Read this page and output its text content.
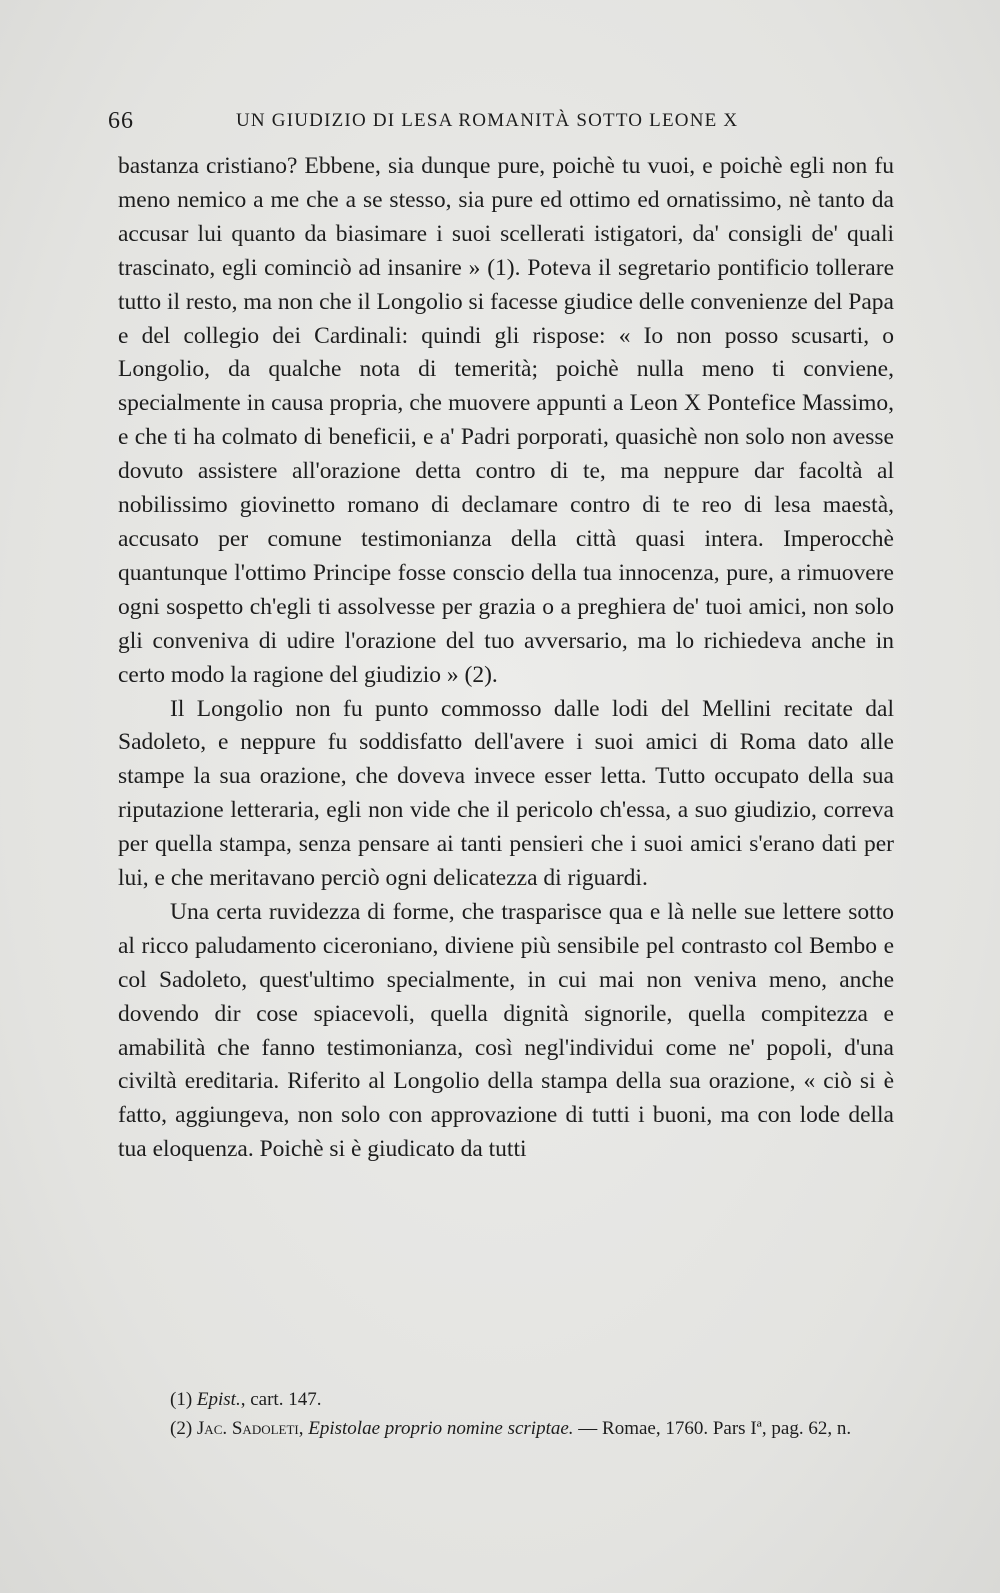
66	UN GIUDIZIO DI LESA ROMANITÀ SOTTO LEONE X

bastanza cristiano? Ebbene, sia dunque pure, poichè tu vuoi, e poichè egli non fu meno nemico a me che a se stesso, sia pure ed ottimo ed ornatissimo, nè tanto da accusar lui quanto da biasimare i suoi scellerati istigatori, da' consigli de' quali trascinato, egli cominciò ad insanire » (1). Poteva il segretario pontificio tollerare tutto il resto, ma non che il Longolio si facesse giudice delle convenienze del Papa e del collegio dei Cardinali: quindi gli rispose: « Io non posso scusarti, o Longolio, da qualche nota di temerità; poichè nulla meno ti conviene, specialmente in causa propria, che muovere appunti a Leon X Pontefice Massimo, e che ti ha colmato di beneficii, e a' Padri porporati, quasichè non solo non avesse dovuto assistere all'orazione detta contro di te, ma neppure dar facoltà al nobilissimo giovinetto romano di declamare contro di te reo di lesa maestà, accusato per comune testimonianza della città quasi intera. Imperocchè quantunque l'ottimo Principe fosse conscio della tua innocenza, pure, a rimuovere ogni sospetto ch'egli ti assolvesse per grazia o a preghiera de' tuoi amici, non solo gli conveniva di udire l'orazione del tuo avversario, ma lo richiedeva anche in certo modo la ragione del giudizio » (2).

Il Longolio non fu punto commosso dalle lodi del Mellini recitate dal Sadoleto, e neppure fu soddisfatto dell'avere i suoi amici di Roma dato alle stampe la sua orazione, che doveva invece esser letta. Tutto occupato della sua riputazione letteraria, egli non vide che il pericolo ch'essa, a suo giudizio, correva per quella stampa, senza pensare ai tanti pensieri che i suoi amici s'erano dati per lui, e che meritavano perciò ogni delicatezza di riguardi.

Una certa ruvidezza di forme, che trasparisce qua e là nelle sue lettere sotto al ricco paludamento ciceroniano, diviene più sensibile pel contrasto col Bembo e col Sadoleto, quest'ultimo specialmente, in cui mai non veniva meno, anche dovendo dir cose spiacevoli, quella dignità signorile, quella compitezza e amabilità che fanno testimonianza, così negl'individui come ne' popoli, d'una civiltà ereditaria. Riferito al Longolio della stampa della sua orazione, « ciò si è fatto, aggiungeva, non solo con approvazione di tutti i buoni, ma con lode della tua eloquenza. Poichè si è giudicato da tutti

(1) Epist., cart. 147.

(2) Jac. Sadoleti, Epistolae proprio nomine scriptae. — Romae, 1760. Pars Iª, pag. 62, n.
